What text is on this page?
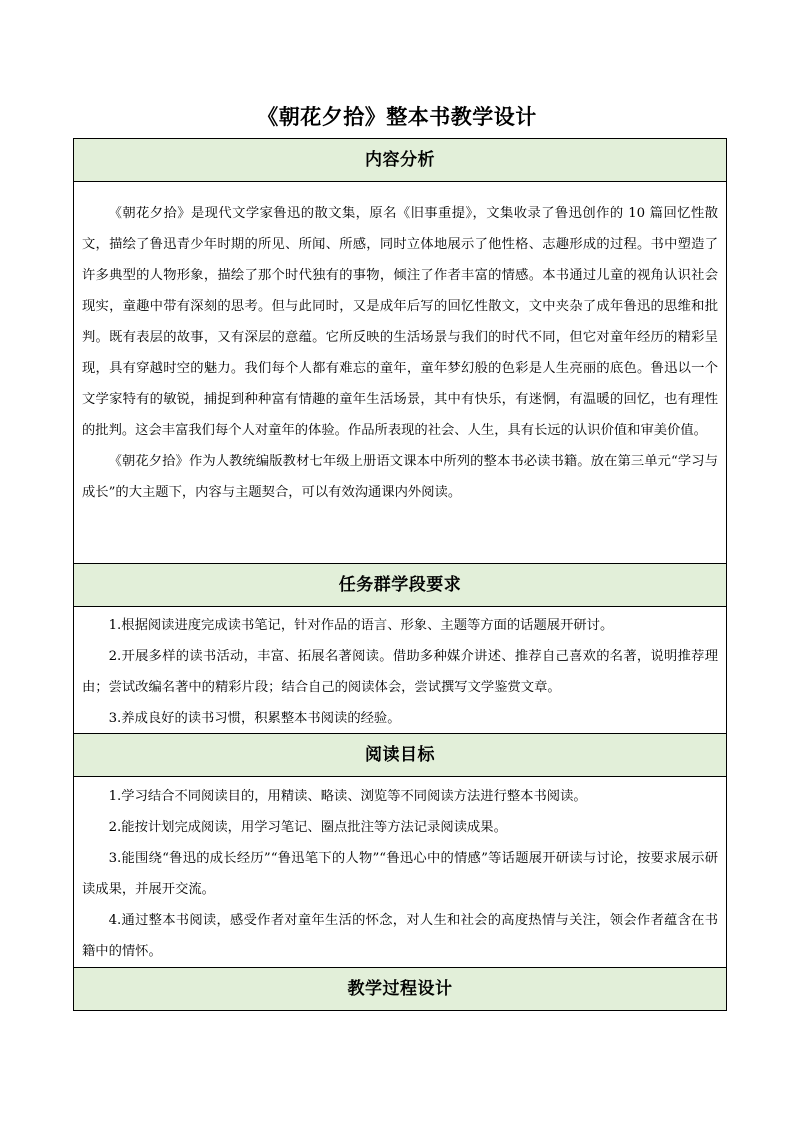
《朝花夕拾》整本书教学设计
内容分析

《朝花夕拾》是现代文学家鲁迅的散文集，原名《旧事重提》，文集收录了鲁迅创作的 10 篇回忆性散文，描绘了鲁迅青少年时期的所见、所闻、所感，同时立体地展示了他性格、志趣形成的过程。书中塑造了许多典型的人物形象，描绘了那个时代独有的事物，倾注了作者丰富的情感。本书通过儿童的视角认识社会现实，童趣中带有深刻的思考。但与此同时，又是成年后写的回忆性散文，文中夹杂了成年鲁迅的思维和批判。既有表层的故事，又有深层的意蕴。它所反映的生活场景与我们的时代不同，但它对童年经历的精彩呈现，具有穿越时空的魅力。我们每个人都有难忘的童年，童年梦幻般的色彩是人生亮丽的底色。鲁迅以一个文学家特有的敏锐，捕捉到种种富有情趣的童年生活场景，其中有快乐，有迷惘，有温暖的回忆，也有理性的批判。这会丰富我们每个人对童年的体验。作品所表现的社会、人生，具有长远的认识价值和审美价值。

《朝花夕拾》作为人教统编版教材七年级上册语文课本中所列的整本书必读书籍。放在第三单元“学习与成长”的大主题下，内容与主题契合，可以有效沟通课内外阅读。

任务群学段要求

1.根据阅读进度完成读书笔记，针对作品的语言、形象、主题等方面的话题展开研讨。

2.开展多样的读书活动，丰富、拓展名著阅读。借助多种媒介讲述、推荐自己喜欢的名著，说明推荐理由；尝试改编名著中的精彩片段；结合自己的阅读体会，尝试撰写文学鉴赏文章。

3.养成良好的读书习惯，积累整本书阅读的经验。

阅读目标

1.学习结合不同阅读目的，用精读、略读、浏览等不同阅读方法进行整本书阅读。

2.能按计划完成阅读，用学习笔记、圈点批注等方法记录阅读成果。

3.能围绕“鲁迅的成长经历”“鲁迅笔下的人物”“鲁迅心中的情感”等话题展开研读与讨论，按要求展示研读成果，并展开交流。

4.通过整本书阅读，感受作者对童年生活的怀念，对人生和社会的高度热情与关注，领会作者蕴含在书籍中的情怀。

教学过程设计
